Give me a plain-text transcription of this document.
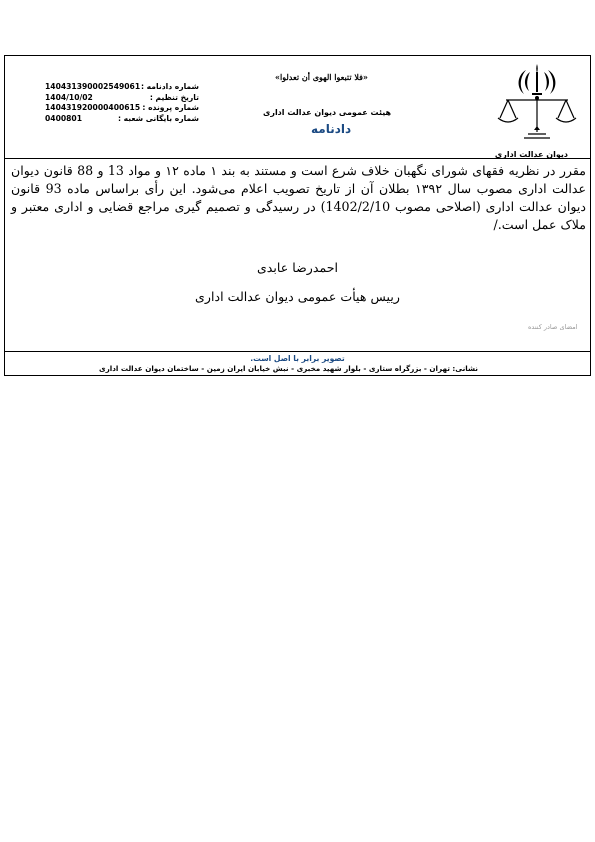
دیوان عدالت اداری
«فلا تتبعوا الهوی أن تعدلوا»
هیئت عمومی دیوان عدالت اداری
دادنامه
شماره دادنامه :
140431390002549061
تاریخ تنظیم :
1404/10/02
شماره پرونده :
140431920000400615
شماره بایگانی شعبه :
0400801

مقرر در نظریه فقهای شورای نگهبان خلاف شرع است و مستند به بند ۱ ماده ۱۲ و مواد 13 و 88 قانون دیوان عدالت اداری مصوب سال ۱۳۹۲ بطلان آن از تاریخ تصویب اعلام می‌شود. این رأی براساس ماده 93 قانون دیوان عدالت اداری (اصلاحی مصوب 1402/2/10) در رسیدگی و تصمیم گیری مراجع قضایی و اداری معتبر و ملاک عمل است./

احمدرضا عابدی
رییس هیأت عمومی دیوان عدالت اداری
امضای صادر کننده
تصویر برابر با اصل است.
نشانی: تهران - بزرگراه ستاری - بلوار شهید مخبری - نبش خیابان ایران زمین - ساختمان دیوان عدالت اداری
